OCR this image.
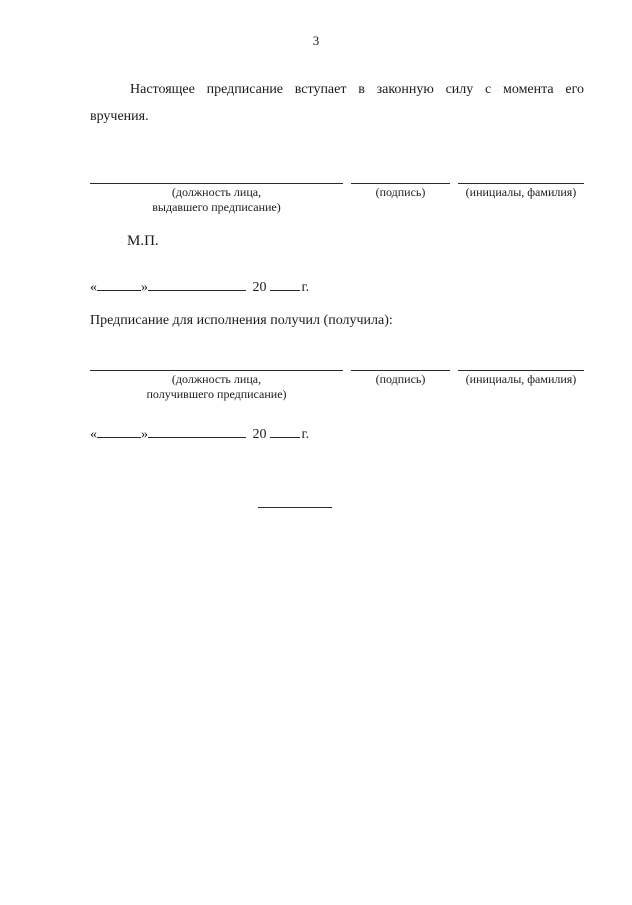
3
Настоящее предписание вступает в законную силу с момента его
вручения.
(должность лица,
выдавшего предписание)
(подпись)	(инициалы, фамилия)
М.П.
«	»	20	г.
Предписание для исполнения получил (получила):
(должность лица,
получившего предписание)
(подпись)	(инициалы, фамилия)
«	»	20	г.
